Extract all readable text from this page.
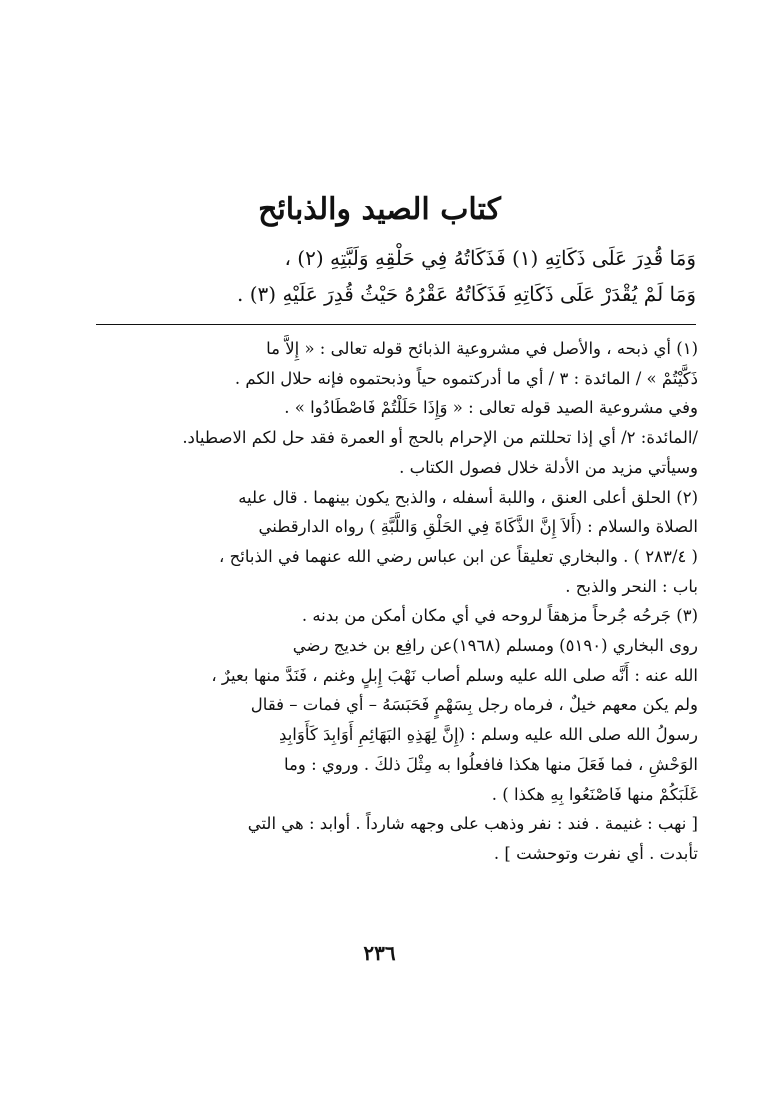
كتاب الصيد والذبائح
وَمَا قُدِرَ عَلَى ذَكَاتِهِ (١) فَذَكَاتُهُ فِي حَلْقِهِ وَلَبَّتِهِ (٢) ،
وَمَا لَمْ يُقْدَرْ عَلَى ذَكَاتِهِ فَذَكَاتُهُ عَقْرُهُ حَيْثُ قُدِرَ عَلَيْهِ (٣) .
(١) أي ذبحه ، والأصل في مشروعية الذبائح قوله تعالى : « إِلاَّ ما
ذَكَّيْتُمْ » / المائدة : ٣ / أي ما أدركتموه حياً وذبحتموه فإنه حلال الكم .
وفي مشروعية الصيد قوله تعالى : « وَإِذَا حَلَلْتُمْ فَاصْطَادُوا » .
/المائدة: ٢/ أي إذا تحللتم من الإحرام بالحج أو العمرة فقد حل لكم الاصطياد.
وسيأتي مزيد من الأدلة خلال فصول الكتاب .
(٢) الحلق أعلى العنق ، واللبة أسفله ، والذبح يكون بينهما . قال عليه
الصلاة والسلام : (أَلاَ إِنَّ الذَّكَاةَ فِي الحَلْقِ وَاللَّبَّةِ ) رواه الدارقطني
( ٢٨٣/٤ ) . والبخاري تعليقاً عن ابن عباس رضي الله عنهما في الذبائح ،
باب : النحر والذبح .
(٣) جَرحُه جُرحاً مزهقاً لروحه في أي مكان أمكن من بدنه .
روى البخاري (٥١٩٠) ومسلم (١٩٦٨)عن رافِع بن خديج رضي
الله عنه : أَنَّه صلى الله عليه وسلم أصاب نَهْبَ إِبلٍ وغنم ، فَنَدَّ منها بعيرٌ ،
ولم يكن معهم خيلٌ ، فرماه رجل بِسَهْمٍ فَحَبَسَهُ – أي فمات – فقال
رسولُ الله صلى الله عليه وسلم : (إِنَّ لِهَذِهِ البَهَائِمِ أَوَابِدَ كَأَوَابِدِ
الوَحْشِ ، فما فَعَلَ منها هكذا فافعلُوا به مِثْلَ ذلكَ . وروي : وما
غَلَبَكُمْ منها فَاصْنَعُوا بِهِ هكذا ) .
[ نهب : غنيمة . فند : نفر وذهب على وجهه شارداً . أوابد : هي التي
تأبدت . أي نفرت وتوحشت ] .
٢٣٦
